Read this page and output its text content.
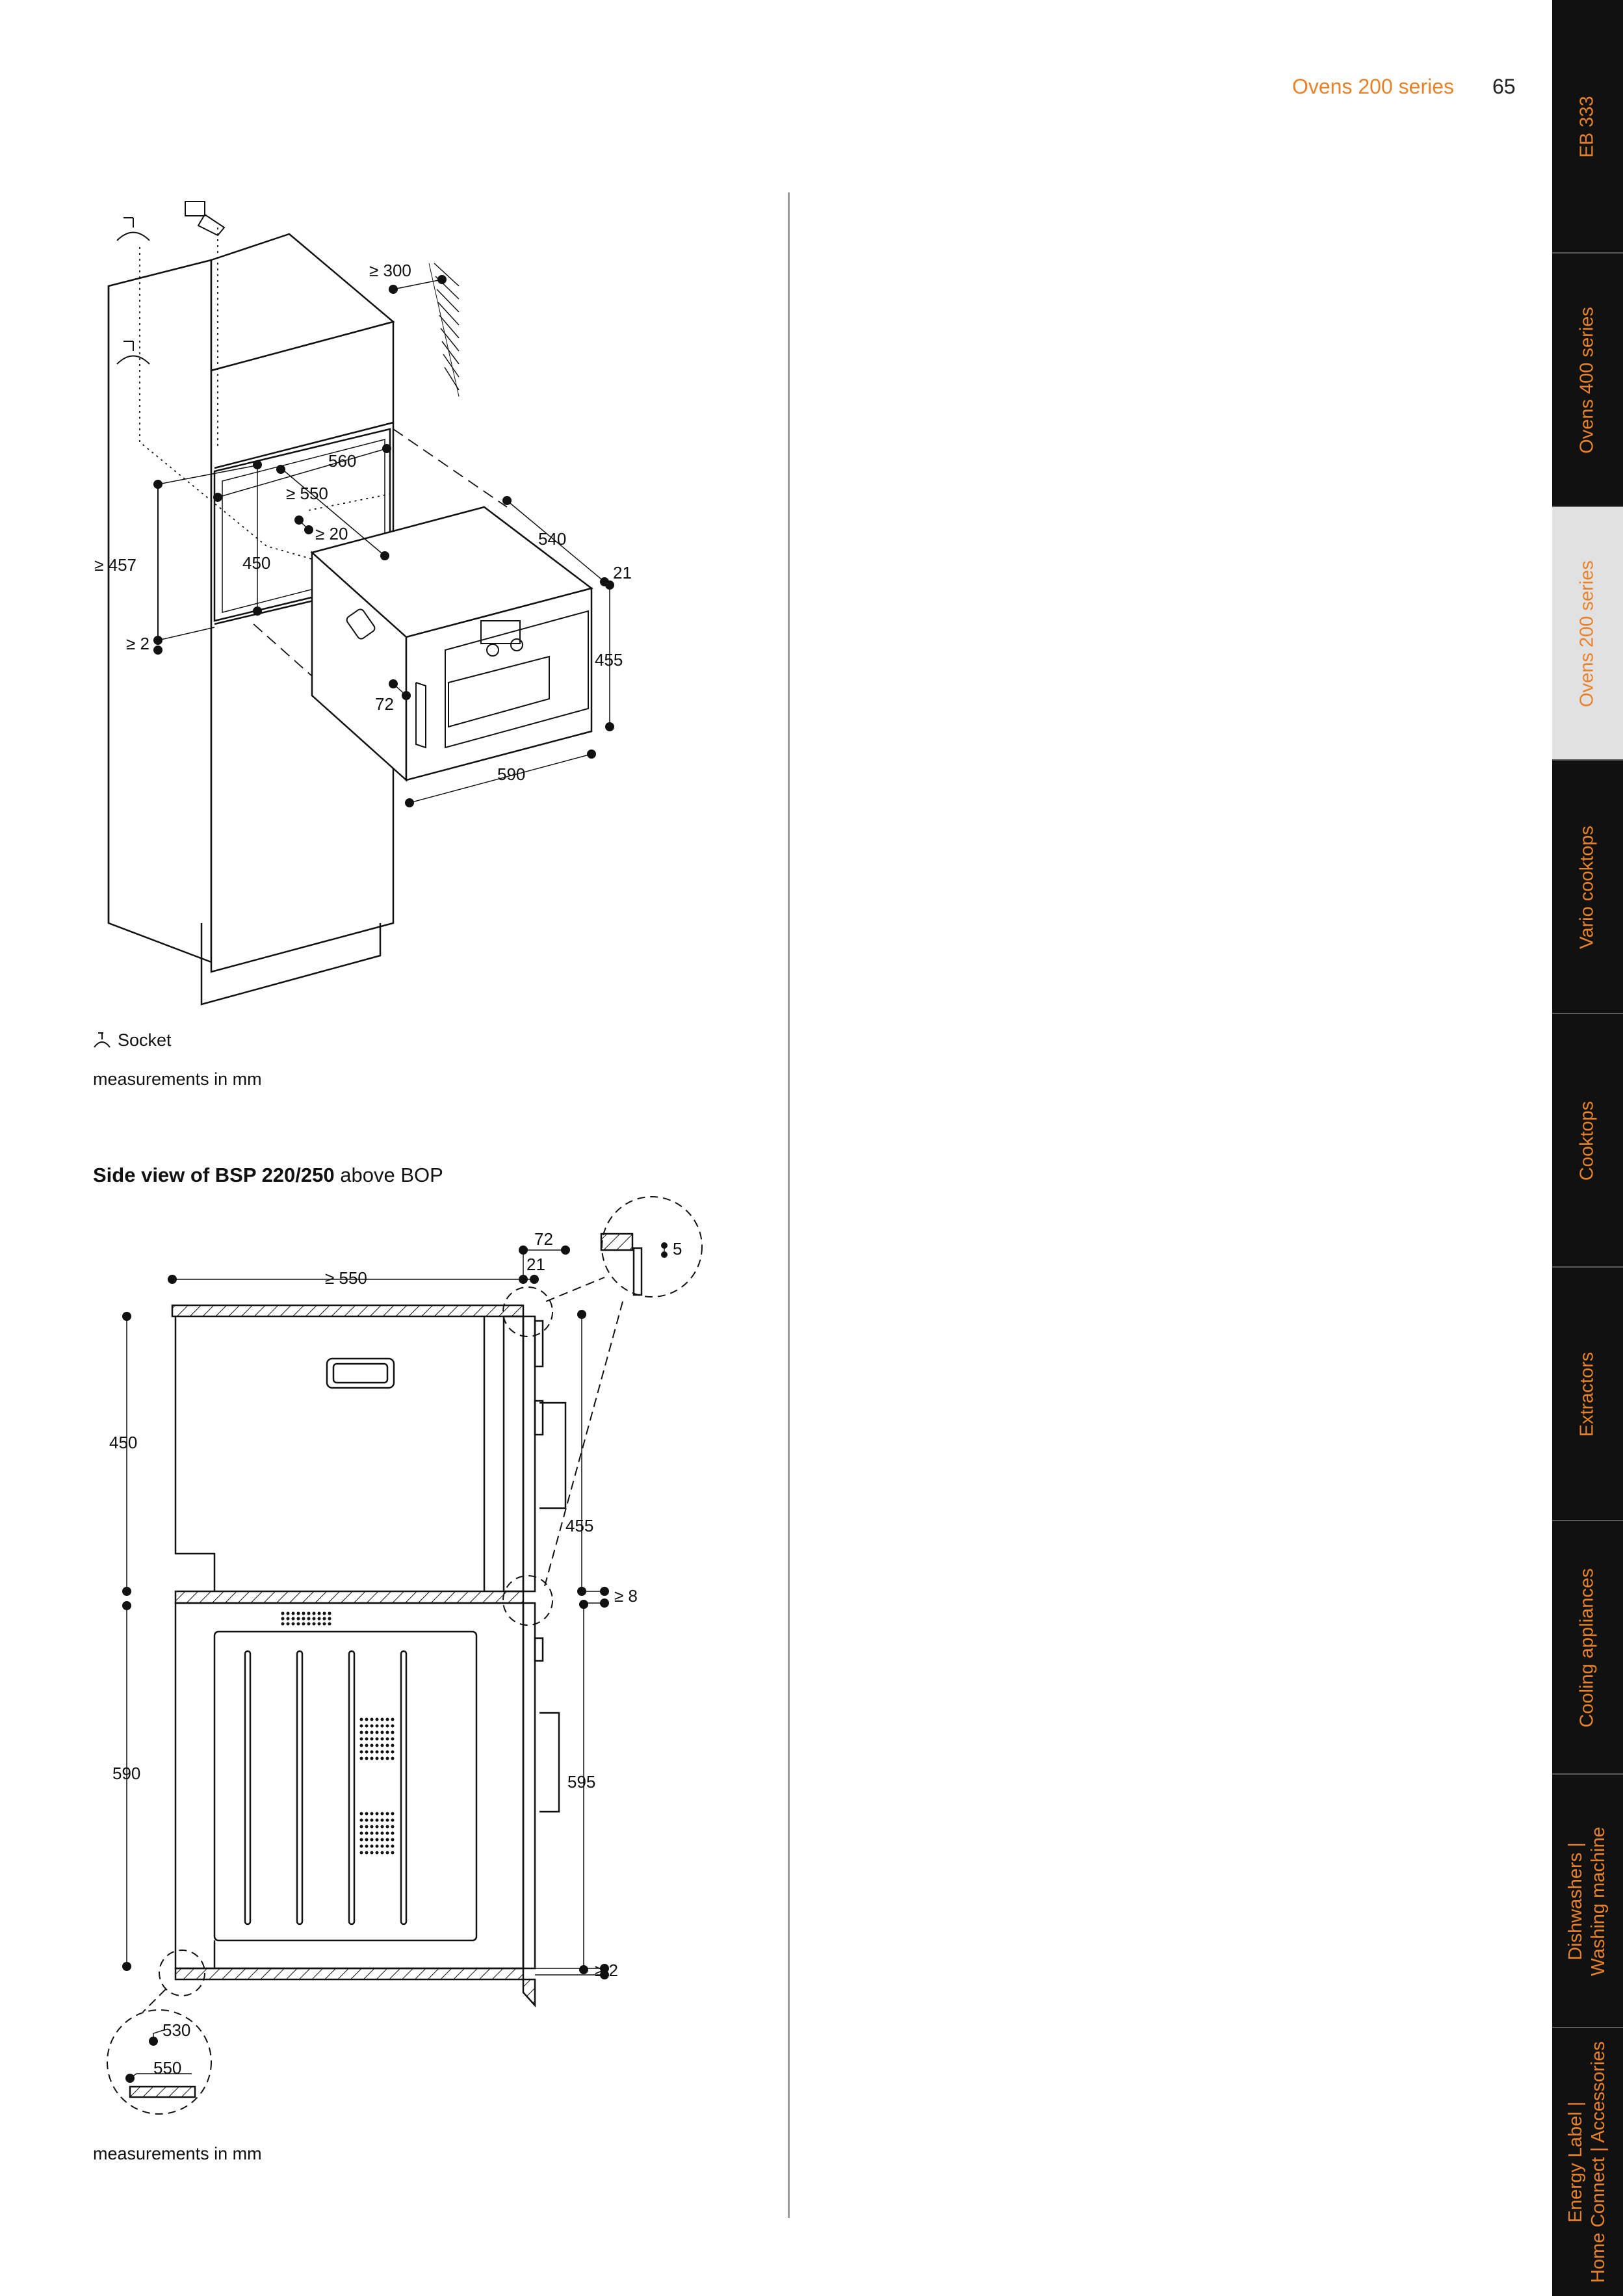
Ovens 200 series 65
EB 333
Ovens 400 series
Ovens 200 series
Vario cooktops
Cooktops
Extractors
Cooling appliances
Dishwashers |
Washing machine
Energy Label |
Home Connect | Accessories
≥ 300
560
≥ 550
≥ 20	540
21
≥ 457	450
≥ 2
455
72
590
Socket
measurements in mm
Side view of BSP 220/250 above BOP
72
21
5
≥ 550
450
455
≥ 8
590	595
≥ 2
530
550
measurements in mm
